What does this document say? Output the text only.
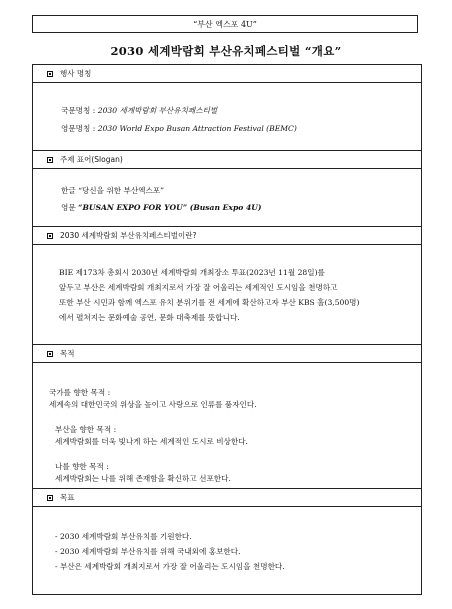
“부산 엑스포 4U”
2030 세계박람회 부산유치페스티벌 “개요”
행사 명칭
국문명칭 : 2030 세계박람회 부산유치페스티벌
영문명칭 : 2030 World Expo Busan Attraction Festival (BEMC)
주제 표어(Slogan)
한글 “당신을 위한 부산엑스포”
영문 “BUSAN EXPO FOR YOU” (Busan Expo 4U)
2030 세계박람회 부산유치페스티벌이란?
BIE 제173차 총회시 2030년 세계박람회 개최장소 투표(2023년 11월 28일)를
앞두고 부산은 세계박람회 개최지로서 가장 잘 어울리는 세계적인 도시임을 천명하고
또한 부산 시민과 함께 엑스포 유치 분위기를 전 세계에 확산하고자 부산 KBS 홀(3,500명)
에서 펼쳐지는 문화예술 공연, 문화 대축제를 뜻합니다.
목적
국가를 향한 목적 :
세계속의 대한민국의 위상을 높이고 사랑으로 인류를 품자인다.
부산을 향한 목적 :
세계박람회를 더욱 빛나게 하는 세계적인 도시로 비상한다.
나를 향한 목적 :
세계박람회는 나를 위해 존재함을 확신하고 선포한다.
목표
- 2030 세계박람회 부산유치를 기원한다.
- 2030 세계박람회 부산유치를 위해 국내외에 홍보한다.
- 부산은 세계박람회 개최지로서 가장 잘 어울리는 도시임을 천명한다.
